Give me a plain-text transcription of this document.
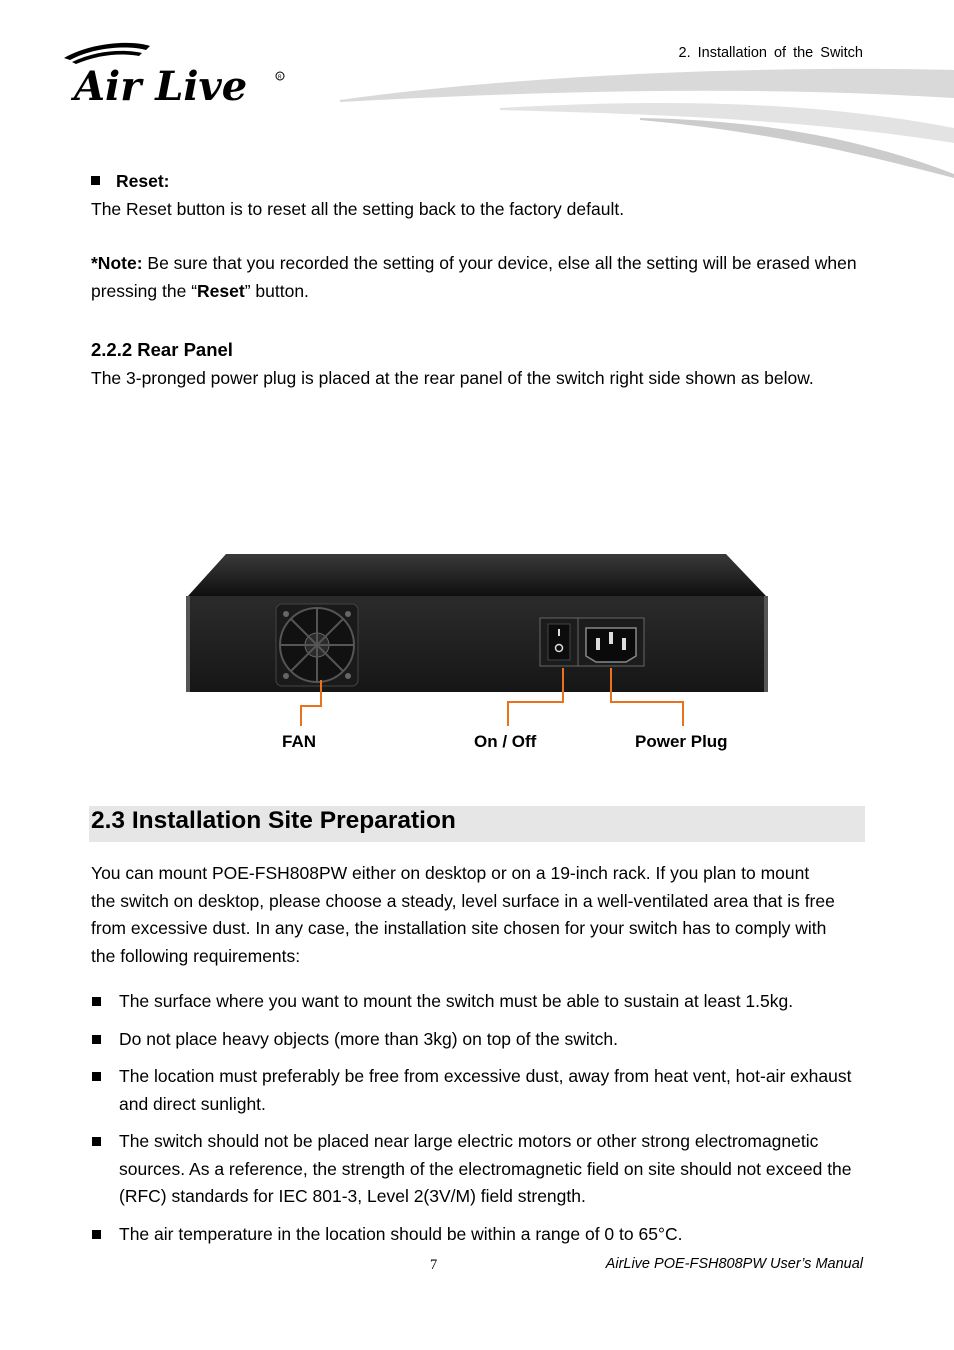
2. Installation of the Switch
Air Live	R

Reset:

The Reset button is to reset all the setting back to the factory default.

*Note: Be sure that you recorded the setting of your device, else all the setting will be erased when pressing the “Reset” button.

2.2.2 Rear Panel

The 3-pronged power plug is placed at the rear panel of the switch right side shown as below.

FAN	On / Off	Power Plug
2.3 Installation Site Preparation

You can mount POE-FSH808PW either on desktop or on a 19-inch rack. If you plan to mount the switch on desktop, please choose a steady, level surface in a well-ventilated area that is free from excessive dust. In any case, the installation site chosen for your switch has to comply with the following requirements:

The surface where you want to mount the switch must be able to sustain at least 1.5kg.
Do not place heavy objects (more than 3kg) on top of the switch.
The location must preferably be free from excessive dust, away from heat vent, hot-air exhaust and direct sunlight.
The switch should not be placed near large electric motors or other strong electromagnetic sources. As a reference, the strength of the electromagnetic field on site should not exceed the (RFC) standards for IEC 801-3, Level 2(3V/M) field strength.
The air temperature in the location should be within a range of 0 to 65°C.
7	AirLive POE-FSH808PW User’s Manual
